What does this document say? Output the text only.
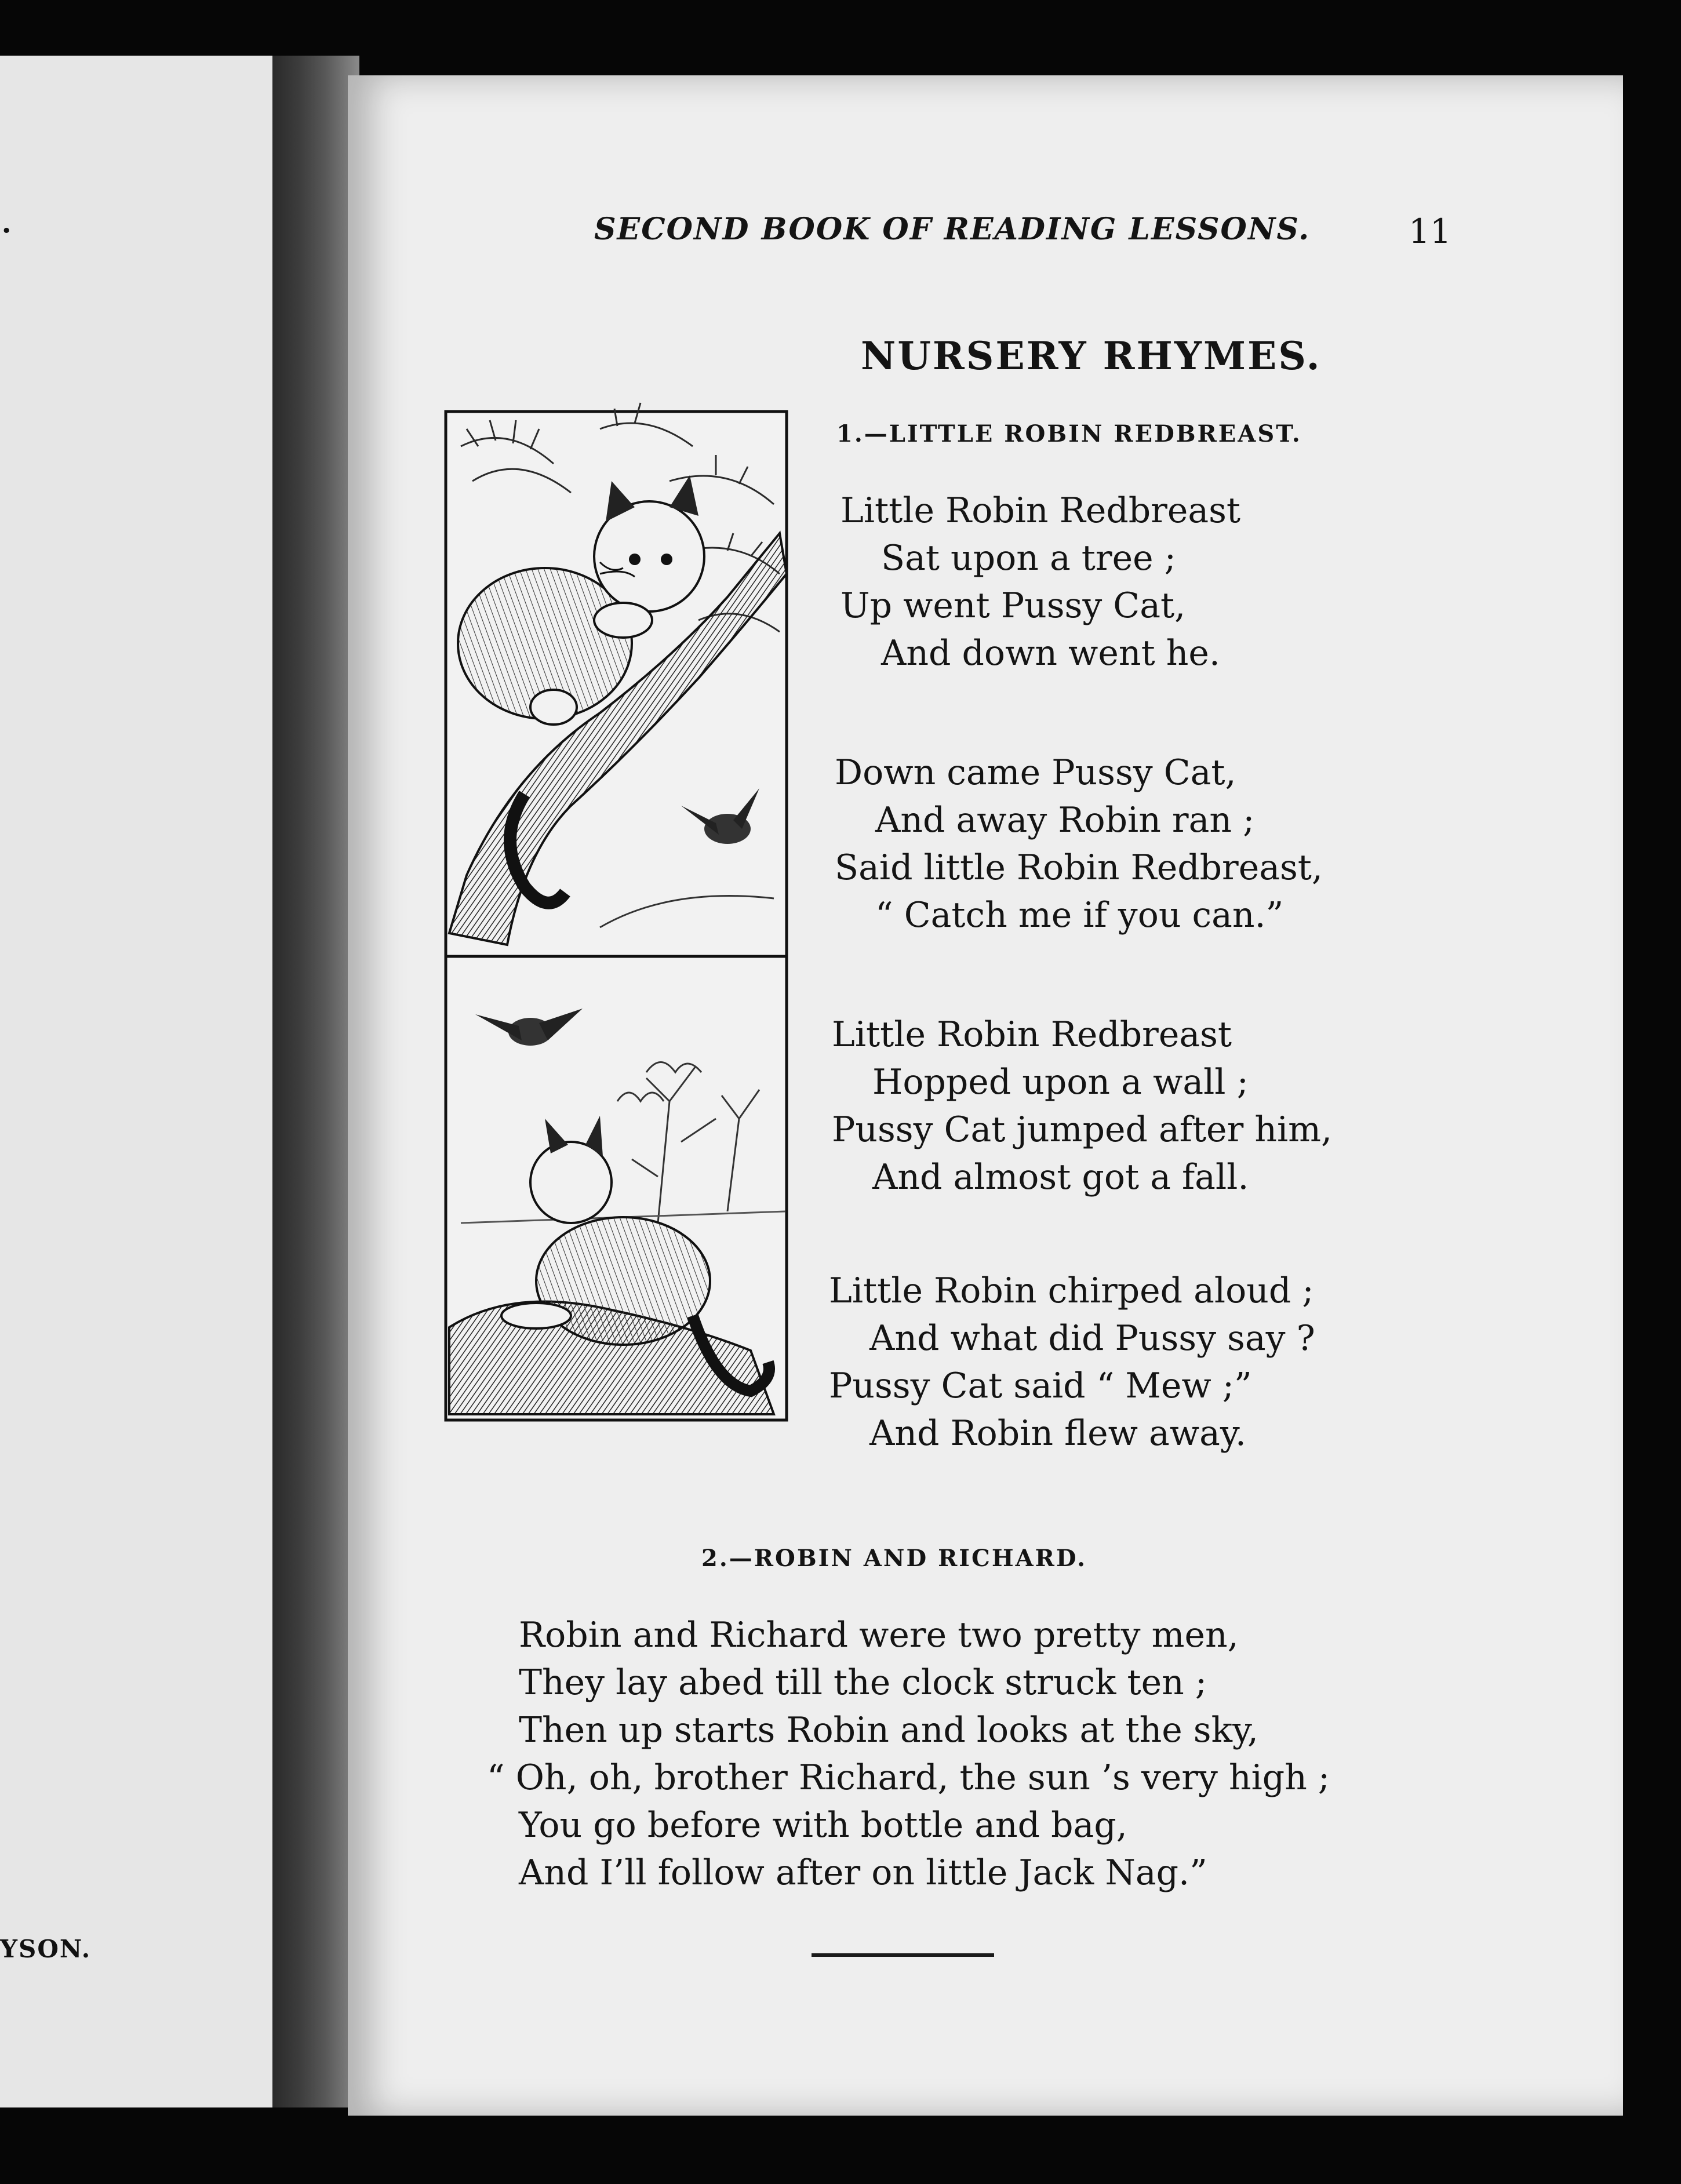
.
YSON.
SECOND BOOK OF READING LESSONS.	11
NURSERY RHYMES.
1.—LITTLE ROBIN REDBREAST.
Little Robin Redbreast
Sat upon a tree ;
Up went Pussy Cat,
And down went he.
Down came Pussy Cat,
And away Robin ran ;
Said little Robin Redbreast,
“ Catch me if you can.”
Little Robin Redbreast
Hopped upon a wall ;
Pussy Cat jumped after him,
And almost got a fall.
Little Robin chirped aloud ;
And what did Pussy say ?
Pussy Cat said “ Mew ;”
And Robin flew away.
2.—ROBIN AND RICHARD.
Robin and Richard were two pretty men,
They lay abed till the clock struck ten ;
Then up starts Robin and looks at the sky,
“ Oh, oh, brother Richard, the sun ’s very high ;
You go before with bottle and bag,
And I’ll follow after on little Jack Nag.”
